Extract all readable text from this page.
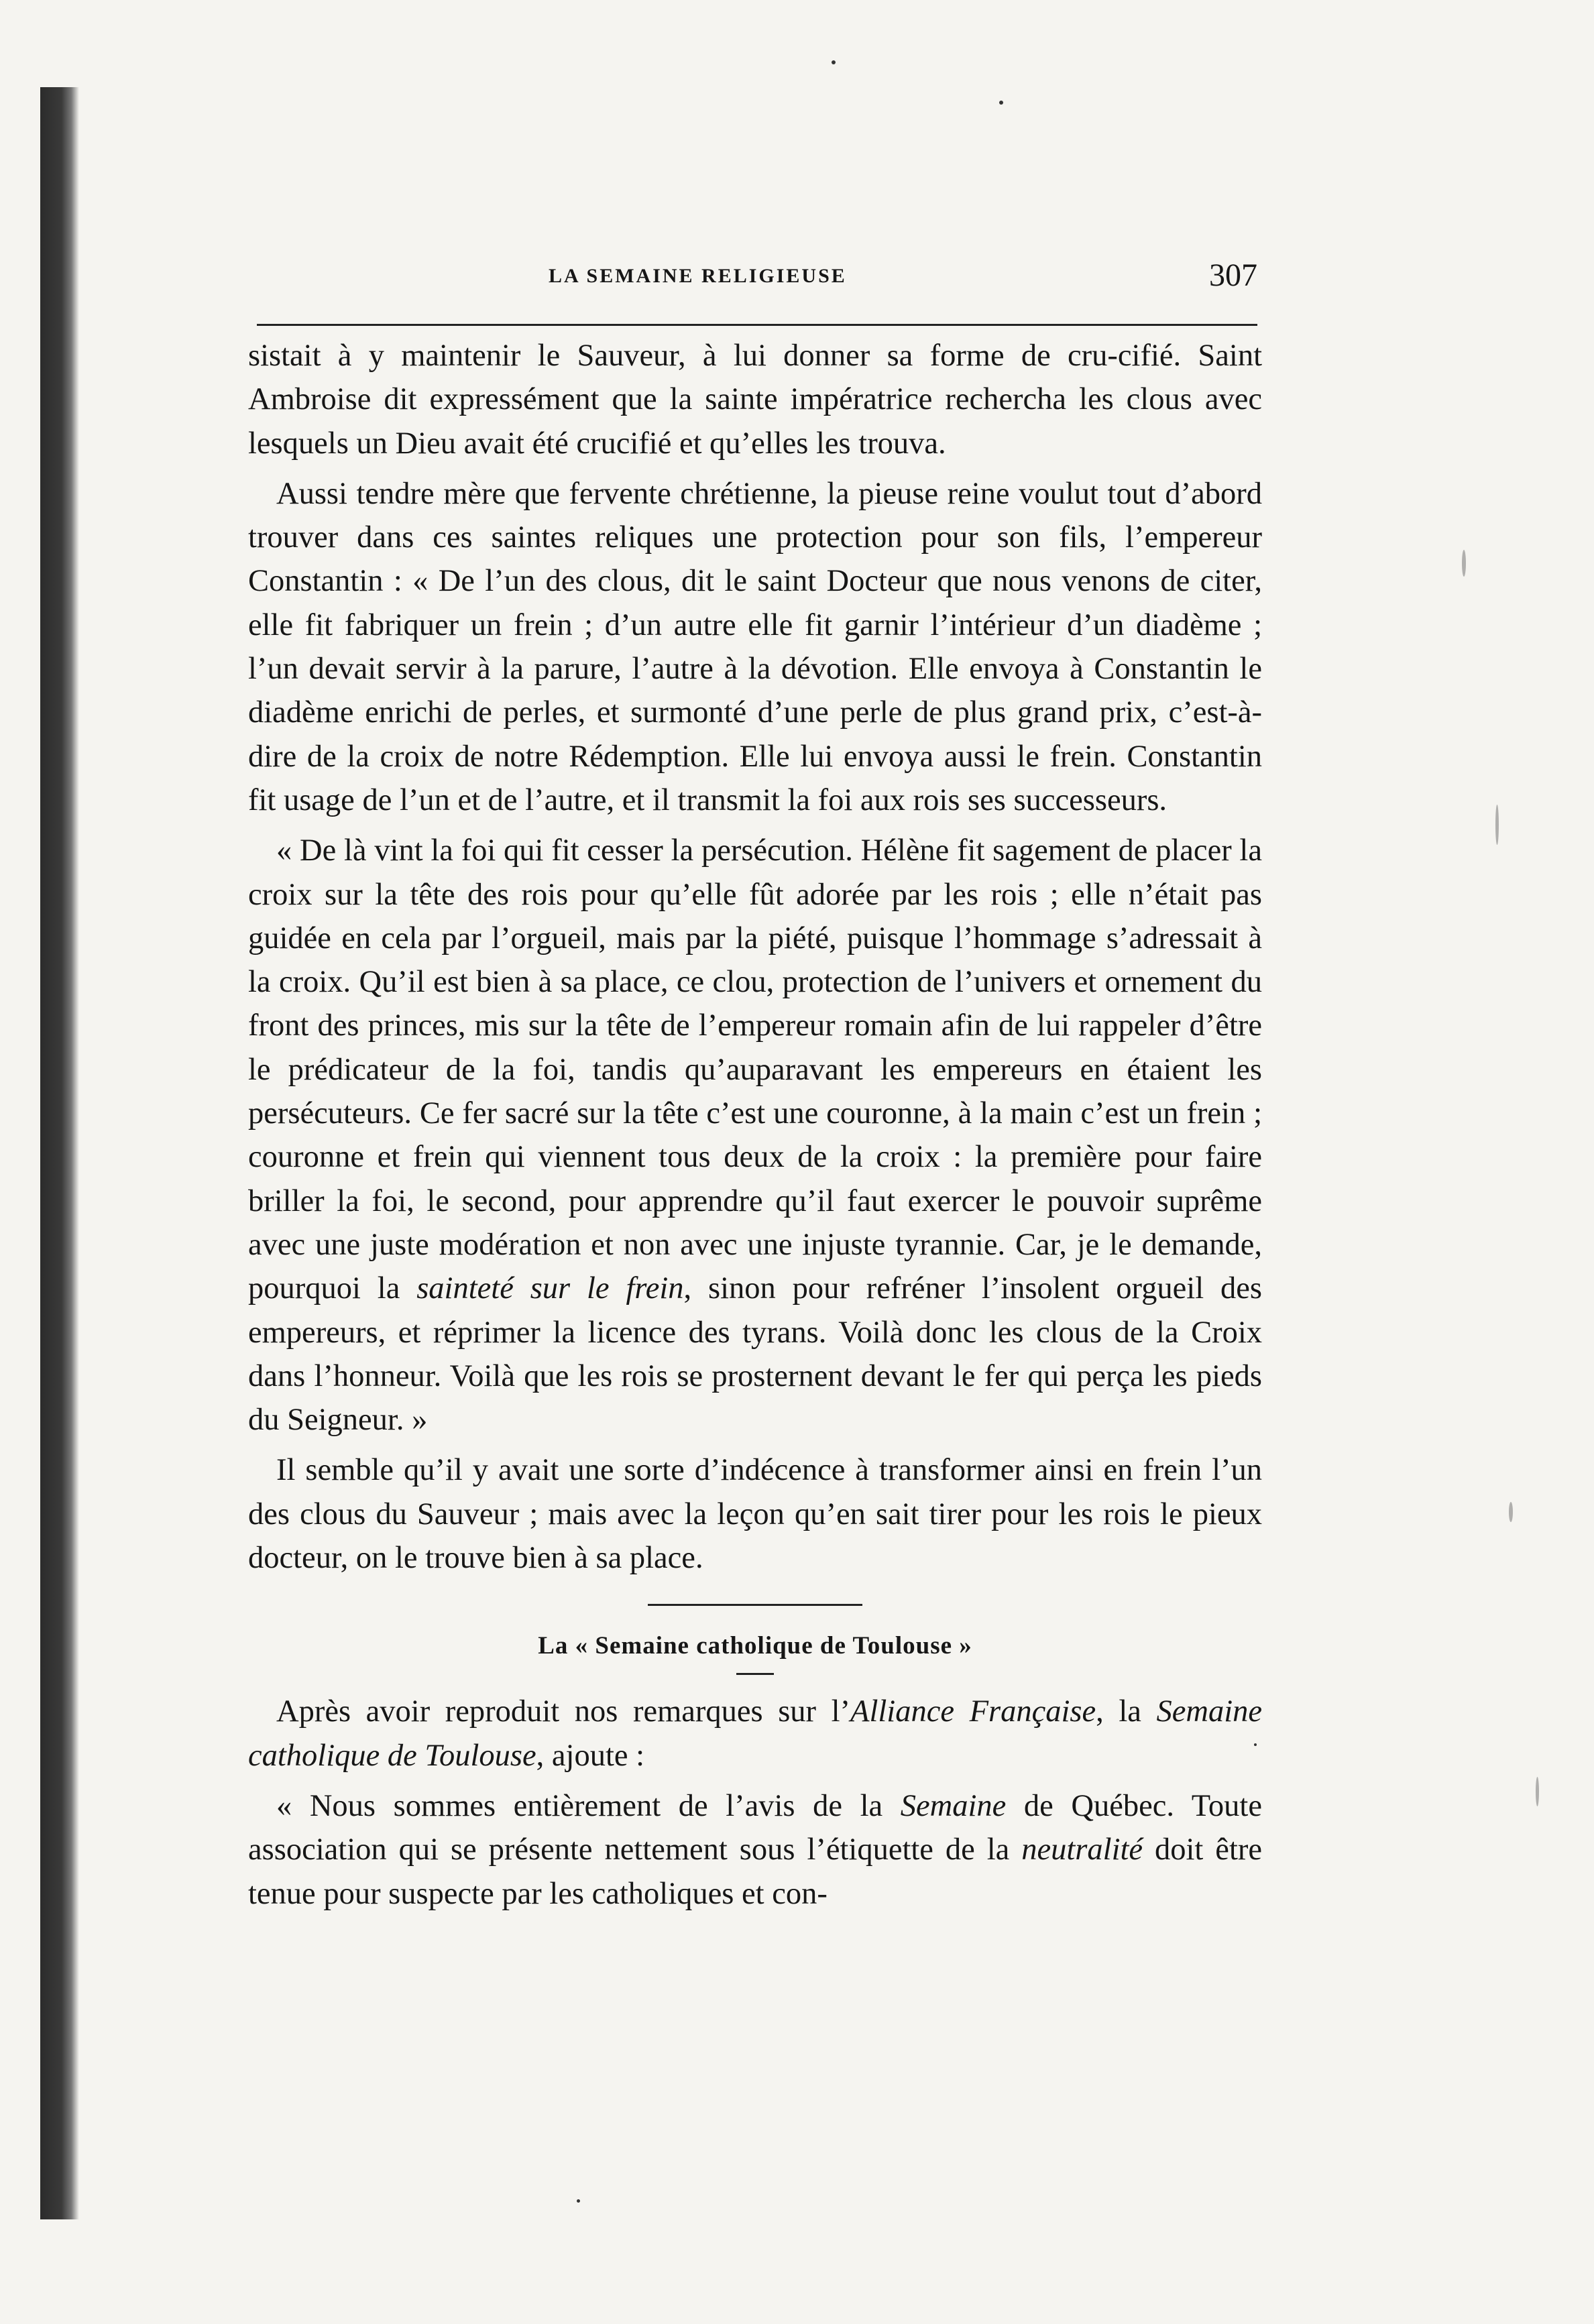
LA SEMAINE RELIGIEUSE	307

sistait à y maintenir le Sauveur, à lui donner sa forme de cru-cifié. Saint Ambroise dit expressément que la sainte impératrice rechercha les clous avec lesquels un Dieu avait été crucifié et qu’elles les trouva.

Aussi tendre mère que fervente chrétienne, la pieuse reine voulut tout d’abord trouver dans ces saintes reliques une protection pour son fils, l’empereur Constantin : « De l’un des clous, dit le saint Docteur que nous venons de citer, elle fit fabriquer un frein ; d’un autre elle fit garnir l’intérieur d’un diadème ; l’un devait servir à la parure, l’autre à la dévotion. Elle envoya à Constantin le diadème enrichi de perles, et surmonté d’une perle de plus grand prix, c’est-à-dire de la croix de notre Rédemption. Elle lui envoya aussi le frein. Constantin fit usage de l’un et de l’autre, et il transmit la foi aux rois ses successeurs.

« De là vint la foi qui fit cesser la persécution. Hélène fit sagement de placer la croix sur la tête des rois pour qu’elle fût adorée par les rois ; elle n’était pas guidée en cela par l’orgueil, mais par la piété, puisque l’hommage s’adressait à la croix. Qu’il est bien à sa place, ce clou, protection de l’univers et ornement du front des princes, mis sur la tête de l’empereur romain afin de lui rappeler d’être le prédicateur de la foi, tandis qu’auparavant les empereurs en étaient les persécuteurs. Ce fer sacré sur la tête c’est une couronne, à la main c’est un frein ; couronne et frein qui viennent tous deux de la croix : la première pour faire briller la foi, le second, pour apprendre qu’il faut exercer le pouvoir suprême avec une juste modération et non avec une injuste tyrannie. Car, je le demande, pourquoi la sainteté sur le frein, sinon pour refréner l’insolent orgueil des empereurs, et réprimer la licence des tyrans. Voilà donc les clous de la Croix dans l’honneur. Voilà que les rois se prosternent devant le fer qui perça les pieds du Seigneur. »

Il semble qu’il y avait une sorte d’indécence à transformer ainsi en frein l’un des clous du Sauveur ; mais avec la leçon qu’en sait tirer pour les rois le pieux docteur, on le trouve bien à sa place.

La « Semaine catholique de Toulouse »

Après avoir reproduit nos remarques sur l’Alliance Française, la Semaine catholique de Toulouse, ajoute :

« Nous sommes entièrement de l’avis de la Semaine de Québec. Toute association qui se présente nettement sous l’étiquette de la neutralité doit être tenue pour suspecte par les catholiques et con-
